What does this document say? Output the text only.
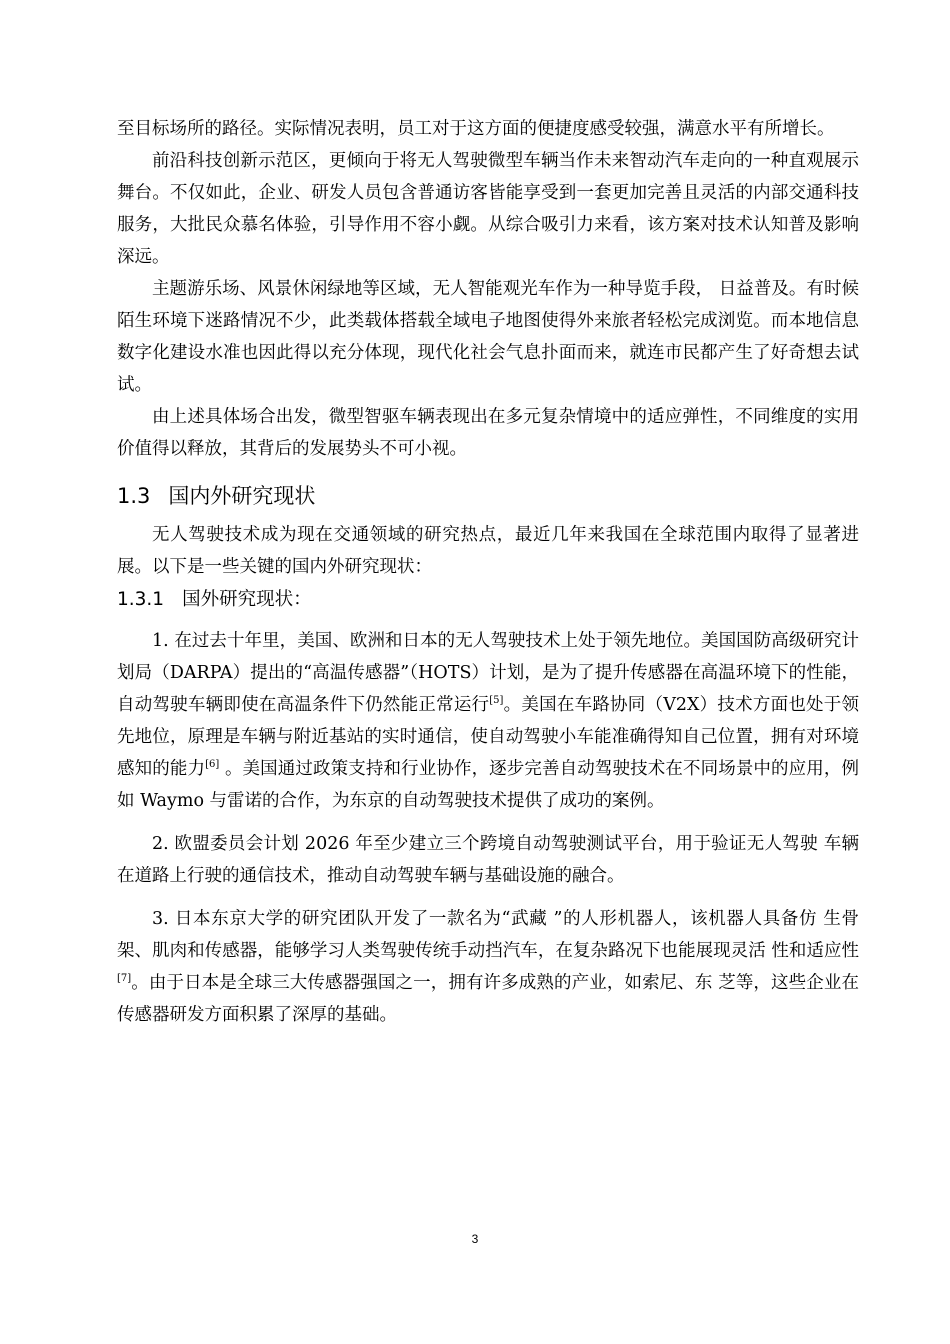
至目标场所的路径。实际情况表明，员工对于这方面的便捷度感受较强，满意水平有所增长。

前沿科技创新示范区，更倾向于将无人驾驶微型车辆当作未来智动汽车走向的一种直观展示舞台。不仅如此，企业、研发人员包含普通访客皆能享受到一套更加完善且灵活的内部交通科技服务，大批民众慕名体验，引导作用不容小觑。从综合吸引力来看，该方案对技术认知普及影响深远。

主题游乐场、风景休闲绿地等区域，无人智能观光车作为一种导览手段， 日益普及。有时候陌生环境下迷路情况不少，此类载体搭载全域电子地图使得外来旅者轻松完成浏览。而本地信息数字化建设水准也因此得以充分体现，现代化社会气息扑面而来，就连市民都产生了好奇想去试试。

由上述具体场合出发，微型智驱车辆表现出在多元复杂情境中的适应弹性，不同维度的实用价值得以释放，其背后的发展势头不可小视。

1.3 国内外研究现状

无人驾驶技术成为现在交通领域的研究热点，最近几年来我国在全球范围内取得了显著进展。以下是一些关键的国内外研究现状：

1.3.1 国外研究现状：

1. 在过去十年里，美国、欧洲和日本的无人驾驶技术上处于领先地位。美国国防高级研究计划局（DARPA）提出的“高温传感器”（HOTS）计划，是为了提升传感器在高温环境下的性能，自动驾驶车辆即使在高温条件下仍然能正常运行[5]。美国在车路协同（V2X）技术方面也处于领先地位，原理是车辆与附近基站的实时通信，使自动驾驶小车能准确得知自己位置，拥有对环境感知的能力[6] 。美国通过政策支持和行业协作，逐步完善自动驾驶技术在不同场景中的应用，例如 Waymo 与雷诺的合作，为东京的自动驾驶技术提供了成功的案例。

2. 欧盟委员会计划 2026 年至少建立三个跨境自动驾驶测试平台，用于验证无人驾驶 车辆在道路上行驶的通信技术，推动自动驾驶车辆与基础设施的融合。

3. 日本东京大学的研究团队开发了一款名为“武藏 ”的人形机器人，该机器人具备仿 生骨架、肌肉和传感器，能够学习人类驾驶传统手动挡汽车，在复杂路况下也能展现灵活 性和适应性[7]。由于日本是全球三大传感器强国之一，拥有许多成熟的产业，如索尼、东 芝等，这些企业在传感器研发方面积累了深厚的基础。

3
